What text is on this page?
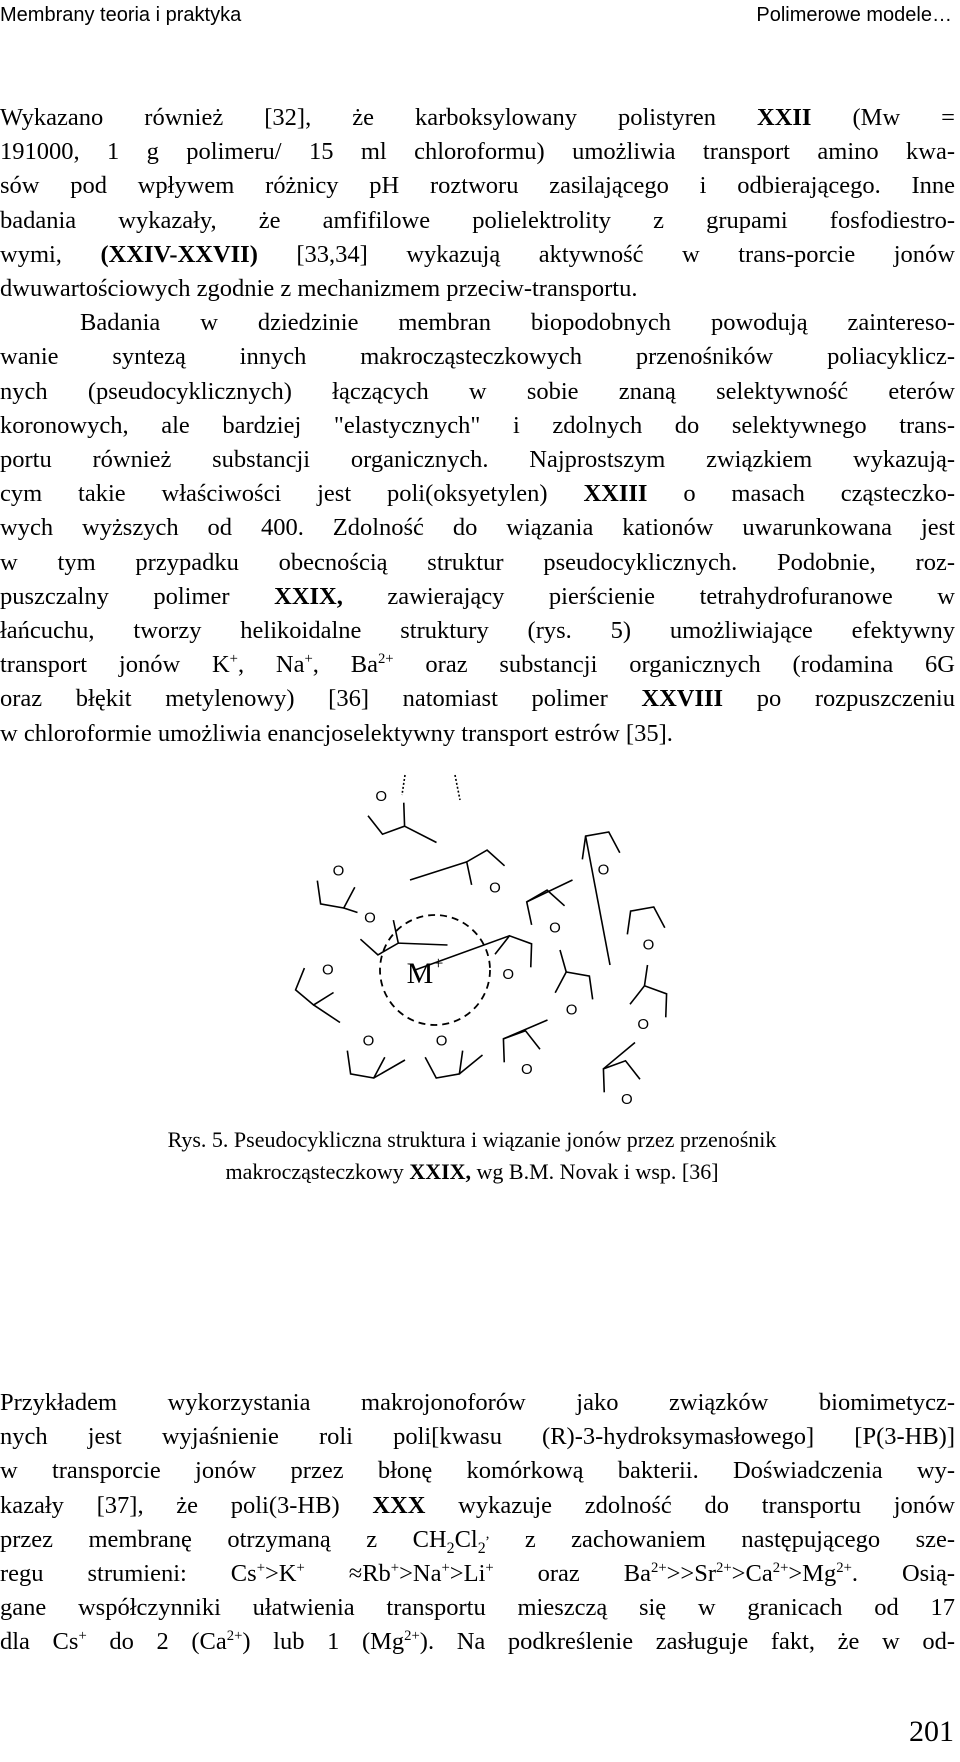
Membrany teoria i praktyka	Polimerowe modele…
Wykazano również [32], że karboksylowany polistyren XXII (Mw =
191000, 1 g polimeru/ 15 ml chloroformu) umożliwia transport amino kwa-
sów pod wpływem różnicy pH roztworu zasilającego i odbierającego. Inne
badania wykazały, że amfifilowe polielektrolity z grupami fosfodiestro-
wymi, (XXIV-XXVII) [33,34] wykazują aktywność w trans-porcie jonów
dwuwartościowych zgodnie z mechanizmem przeciw-transportu.
Badania w dziedzinie membran biopodobnych powodują zainteresо-
wanie syntezą innych makrocząsteczkowych przenośników poliacyklicz-
nych (pseudocyklicznych) łączących w sobie znaną selektywność eterów
koronowych, ale bardziej "elastycznych" i zdolnych do selektywnego trans-
portu również substancji organicznych. Najprostszym związkiem wykazują-
cym takie właściwości jest poli(oksyetylen) XXIII o masach cząsteczko-
wych wyższych od 400. Zdolność do wiązania kationów uwarunkowana jest
w tym przypadku obecnością struktur pseudocyklicznych. Podobnie, roz-
puszczalny polimer XXIX, zawierający pierścienie tetrahydrofuranowe w
łańcuchu, tworzy helikoidalne struktury (rys. 5) umożliwiające efektywny
transport jonów K+, Na+, $Ba^{2+}$ oraz substancji organicznych (rodamina 6G
oraz błękit metylenowy) [36] natomiast polimer XXVIII po rozpuszczeniu
w chloroformie umożliwia enancjoselektywny transport estrów [35].
O
O
O
O
O
O
O	O
O
O
O
O
O
O
O
M+
Rys. 5. Pseudocykliczna struktura i wiązanie jonów przez przenośnik
makrocząsteczkowy XXIX, wg B.M. Novak i wsp. [36]
Przykładem wykorzystania makrojonoforów jako związków biomimetycz-
nych jest wyjaśnienie roli poli[kwasu (R)-3-hydroksymasłowego] [P(3-HB)]
w transporcie jonów przez błonę komórkową bakterii. Doświadczenia wy-
kazały [37], że poli(3-HB) XXX wykazuje zdolność do transportu jonów
przez membranę otrzymaną z $CH_2Cl_2^,$ z zachowaniem następującego sze-
regu strumieni: Cs+>K+ ≈Rb+>Na+>Li+ oraz $Ba^{2+}>>Sr^{2+}>Ca^{2+}>Mg^{2+}$. Osią-
gane współczynniki ułatwienia transportu mieszczą się w granicach od 17
dla Cs+ do 2 $(Ca^{2+})$ lub 1 $(Mg^{2+})$. Na podkreślenie zasługuje fakt, że w od-
201
